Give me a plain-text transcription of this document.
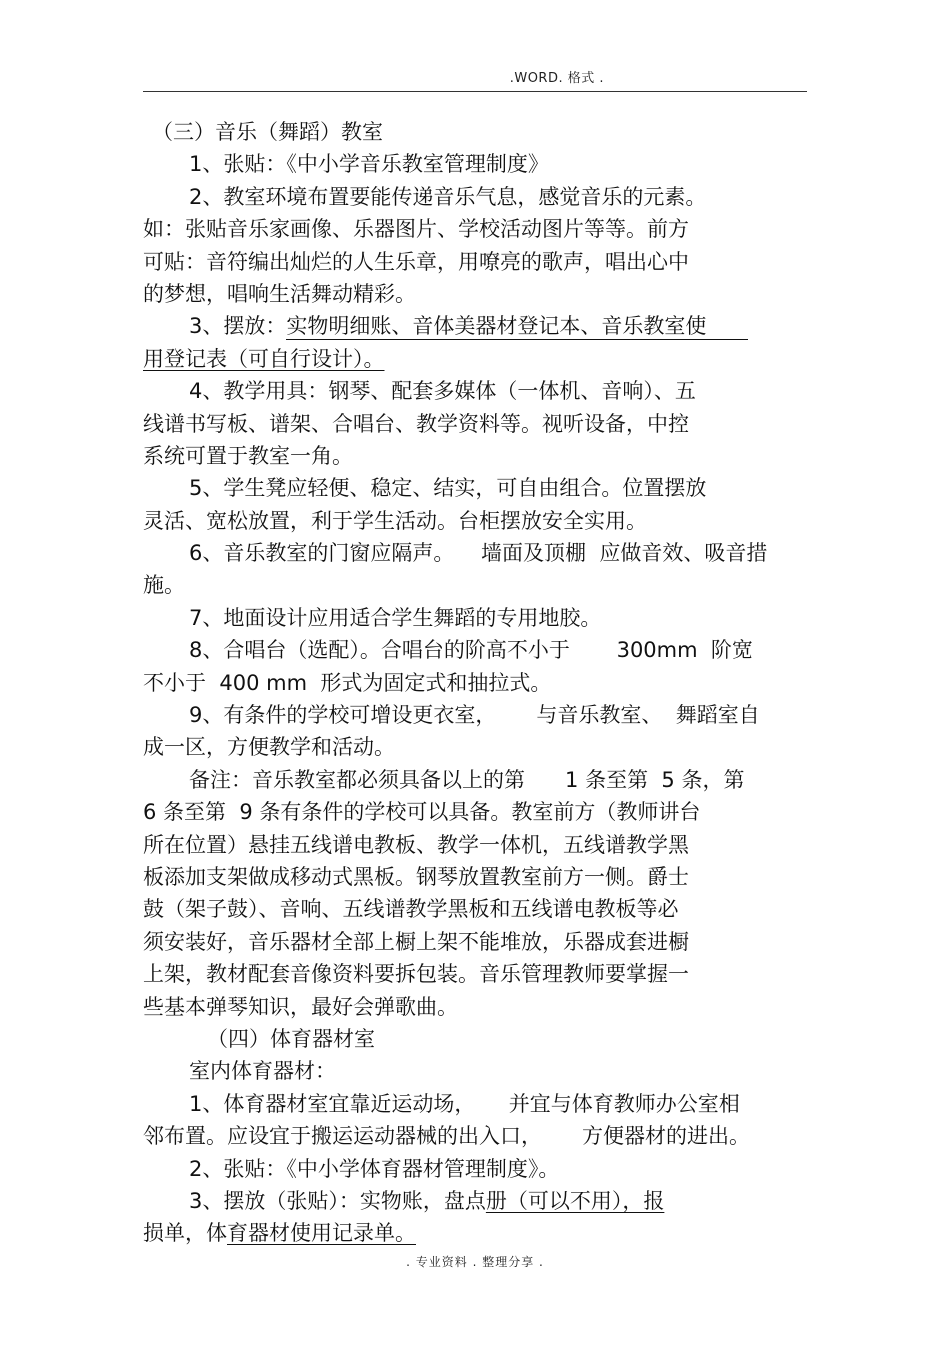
.WORD. 格式 .
（三）音乐（舞蹈）教室
1、张贴：《中小学音乐教室管理制度》
2、教室环境布置要能传递音乐气息，感觉音乐的元素。
如：张贴音乐家画像、乐器图片、学校活动图片等等。前方
可贴：音符编出灿烂的人生乐章，用嘹亮的歌声，唱出心中
的梦想，唱响生活舞动精彩。
3、摆放：实物明细账、音体美器材登记本、音乐教室使
用登记表（可自行设计）。
4、教学用具：钢琴、配套多媒体（一体机、音响）、五
线谱书写板、谱架、合唱台、教学资料等。视听设备，中控
系统可置于教室一角。
5、学生凳应轻便、稳定、结实，可自由组合。位置摆放
灵活、宽松放置，利于学生活动。台柜摆放安全实用。
6、音乐教室的门窗应隔声。    墙面及顶棚  应做音效、吸音措
施。
7、地面设计应用适合学生舞蹈的专用地胶。
8、合唱台（选配）。合唱台的阶高不小于       300mm  阶宽
不小于  400 mm  形式为固定式和抽拉式。
9、有条件的学校可增设更衣室，      与音乐教室、  舞蹈室自
成一区，方便教学和活动。
备注：音乐教室都必须具备以上的第      1 条至第  5 条，第
6 条至第  9 条有条件的学校可以具备。教室前方（教师讲台
所在位置）悬挂五线谱电教板、教学一体机，五线谱教学黑
板添加支架做成移动式黑板。钢琴放置教室前方一侧。爵士
鼓（架子鼓）、音响、五线谱教学黑板和五线谱电教板等必
须安装好，音乐器材全部上橱上架不能堆放，乐器成套进橱
上架，教材配套音像资料要拆包装。音乐管理教师要掌握一
些基本弹琴知识，最好会弹歌曲。
（四）体育器材室
室内体育器材：
1、体育器材室宜靠近运动场，     并宜与体育教师办公室相
邻布置。应设宜于搬运运动器械的出入口，      方便器材的进出。
2、张贴：《中小学体育器材管理制度》。
3、摆放（张贴）：实物账，盘点册（可以不用），报
损单，体育器材使用记录单。
. 专业资料 . 整理分享 .
